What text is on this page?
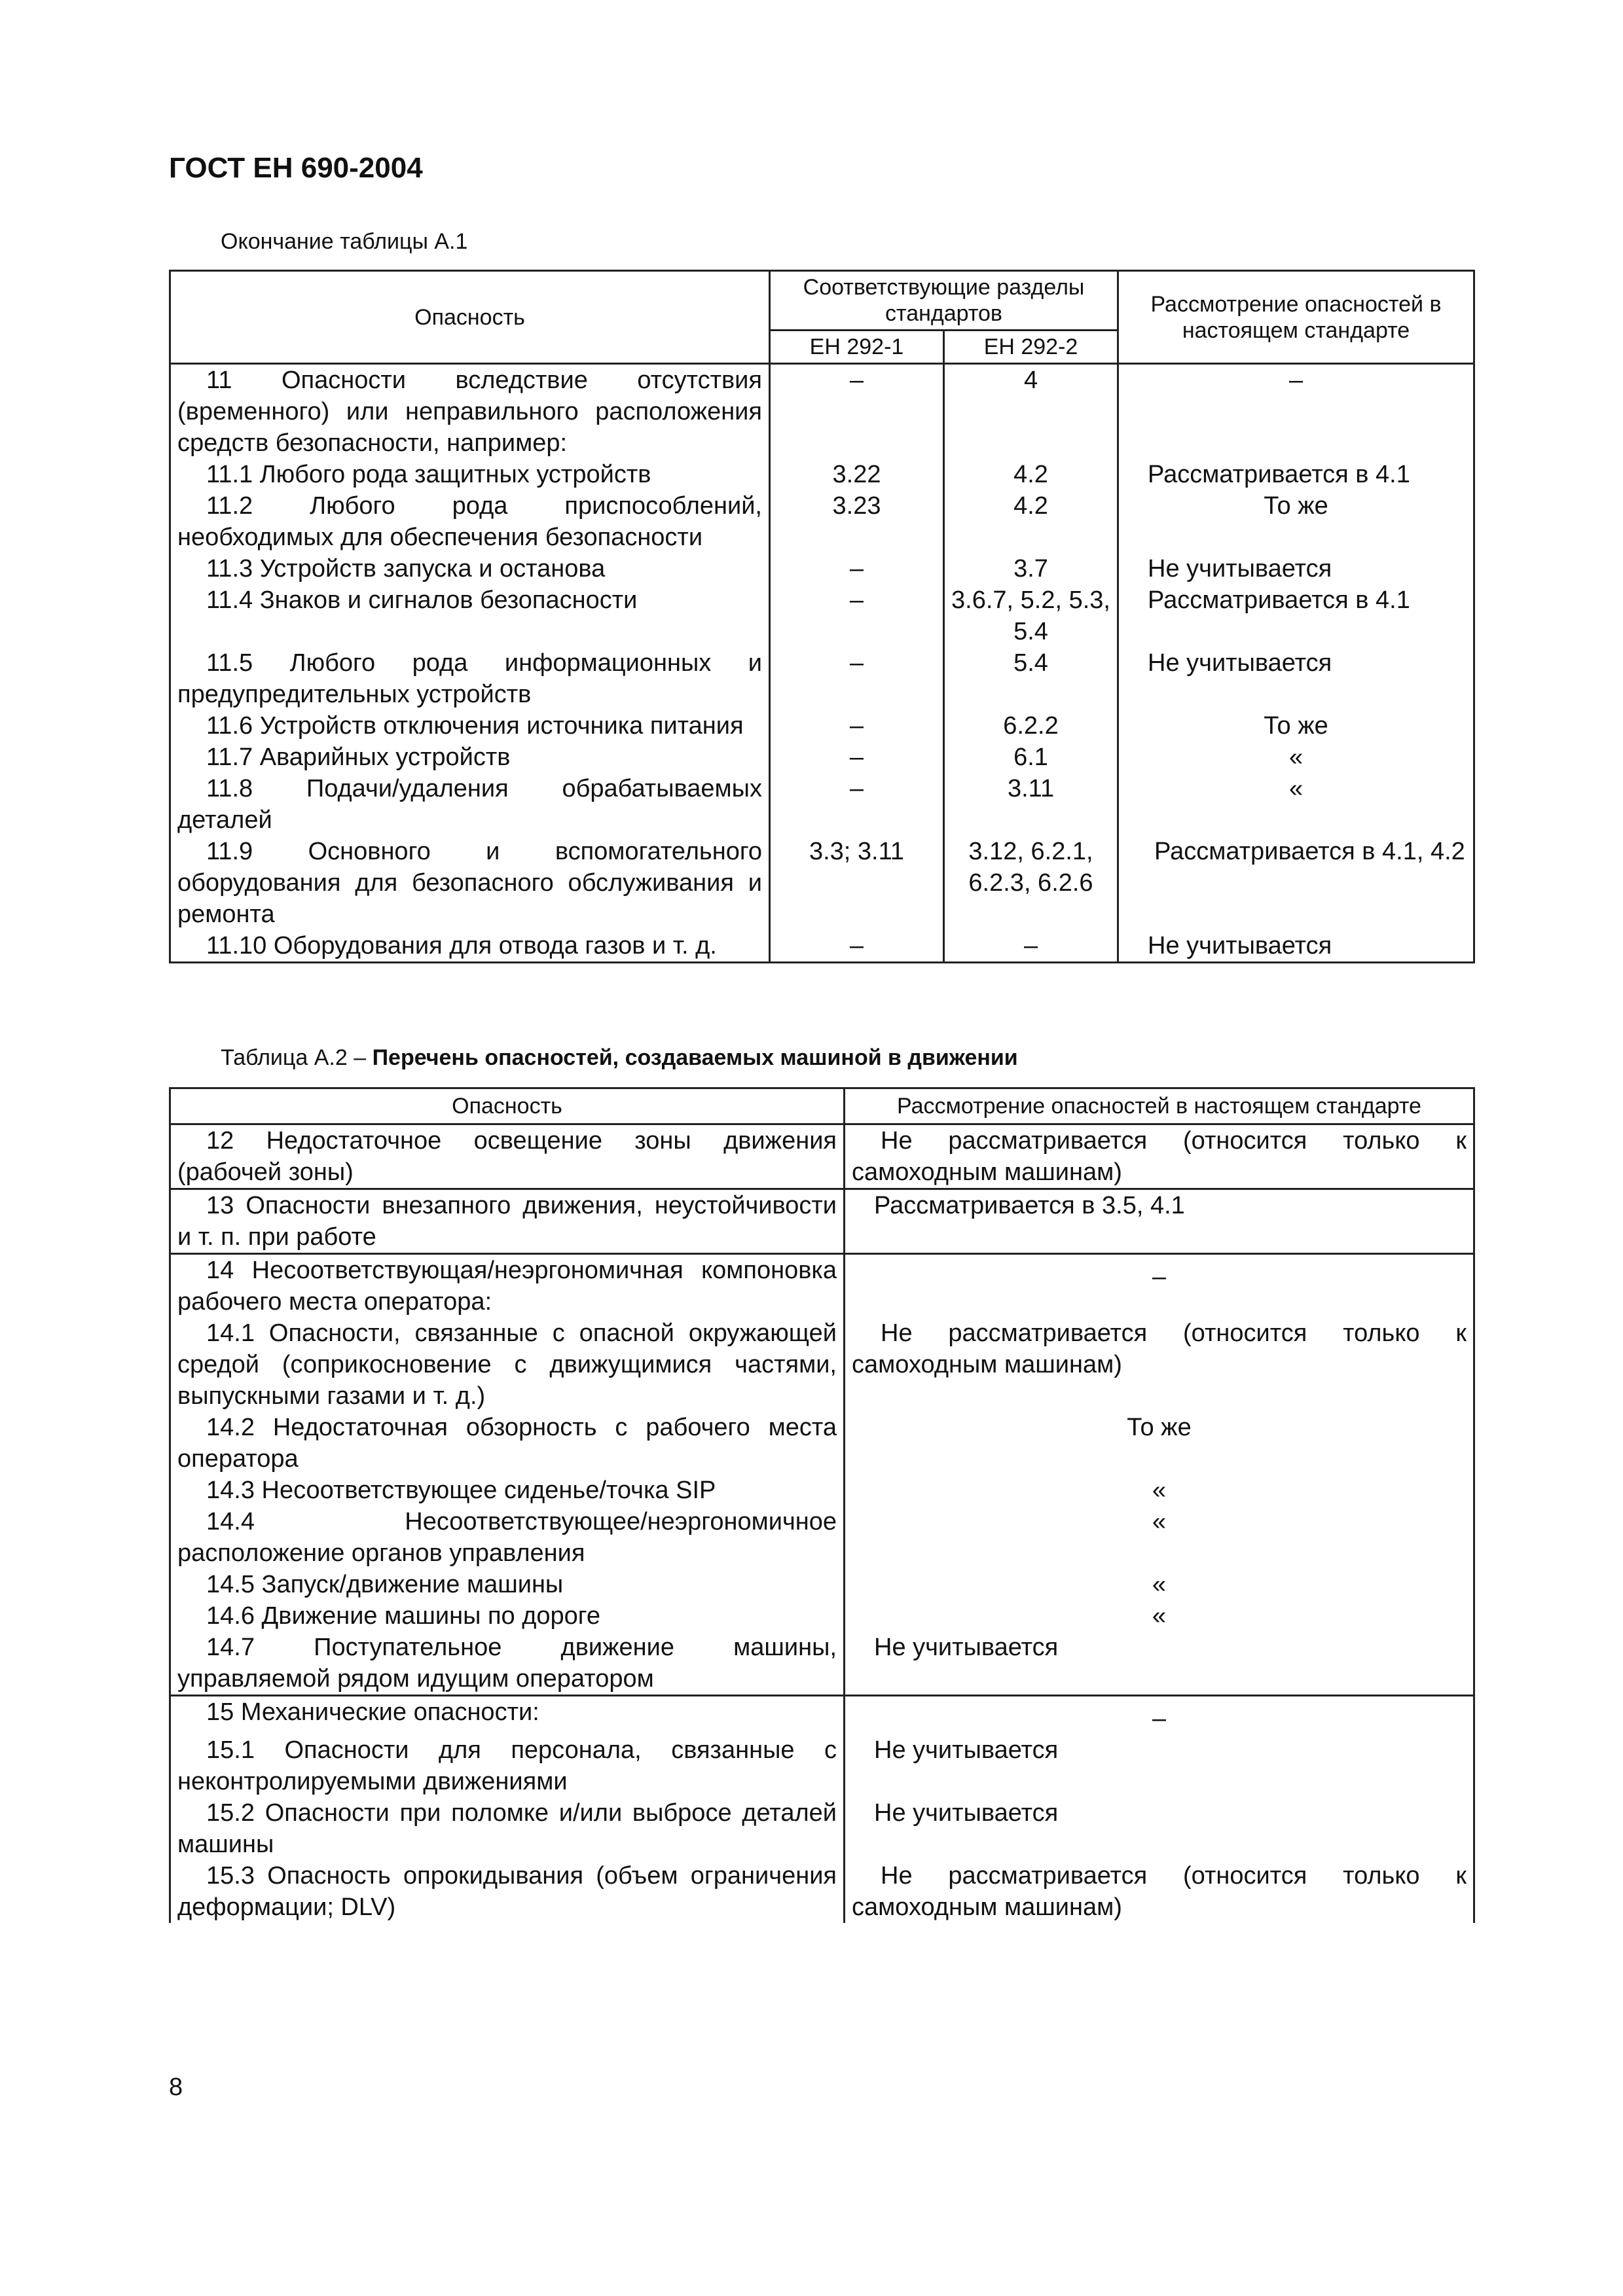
ГОСТ ЕН 690-2004
Окончание таблицы А.1
Опасность	Соответствующие разделы стандартов		Рассмотрение опасностей в настоящем стандарте
	ЕН 292-1	ЕН 292-2	
11 Опасности вследствие отсутствия (временного) или неправильного расположения средств безопасности, например:	–	4	–
11.1 Любого рода защитных устройств	3.22	4.2	Рассматривается в 4.1
11.2 Любого рода приспособлений, необходимых для обеспечения безопасности	3.23	4.2	То же
11.3 Устройств запуска и останова	–	3.7	Не учитывается
11.4 Знаков и сигналов безопасности	–	3.6.7, 5.2, 5.3, 5.4	Рассматривается в 4.1
11.5 Любого рода информационных и предупредительных устройств	–	5.4	Не учитывается
11.6 Устройств отключения источника питания	–	6.2.2	То же
11.7 Аварийных устройств	–	6.1	«
11.8 Подачи/удаления обрабатываемых деталей	–	3.11	«
11.9 Основного и вспомогательного оборудования для безопасного обслуживания и ремонта	3.3; 3.11	3.12, 6.2.1, 6.2.3, 6.2.6	Рассматривается в 4.1, 4.2
11.10 Оборудования для отвода газов и т. д.	–	–	Не учитывается
Таблица А.2 – Перечень опасностей, создаваемых машиной в движении
Опасность	Рассмотрение опасностей в настоящем стандарте
12 Недостаточное освещение зоны движения (рабочей зоны)	Не рассматривается (относится только к самоходным машинам)
13 Опасности внезапного движения, неустойчивости и т. п. при работе	Рассматривается в 3.5, 4.1
14 Несоответствующая/неэргономичная компоновка рабочего места оператора:	–
14.1 Опасности, связанные с опасной окружающей средой (соприкосновение с движущимися частями, выпускными газами и т. д.)	Не рассматривается (относится только к самоходным машинам)
14.2 Недостаточная обзорность с рабочего места оператора	То же
14.3 Несоответствующее сиденье/точка SIP	«
14.4 Несоответствующее/неэргономичное расположение органов управления	«
14.5 Запуск/движение машины	«
14.6 Движение машины по дороге	«
14.7 Поступательное движение машины, управляемой рядом идущим оператором	Не учитывается
15 Механические опасности:	–
15.1 Опасности для персонала, связанные с неконтролируемыми движениями	Не учитывается
15.2 Опасности при поломке и/или выбросе деталей машины	Не учитывается
15.3 Опасность опрокидывания (объем ограничения деформации; DLV)	Не рассматривается (относится только к самоходным машинам)
8
